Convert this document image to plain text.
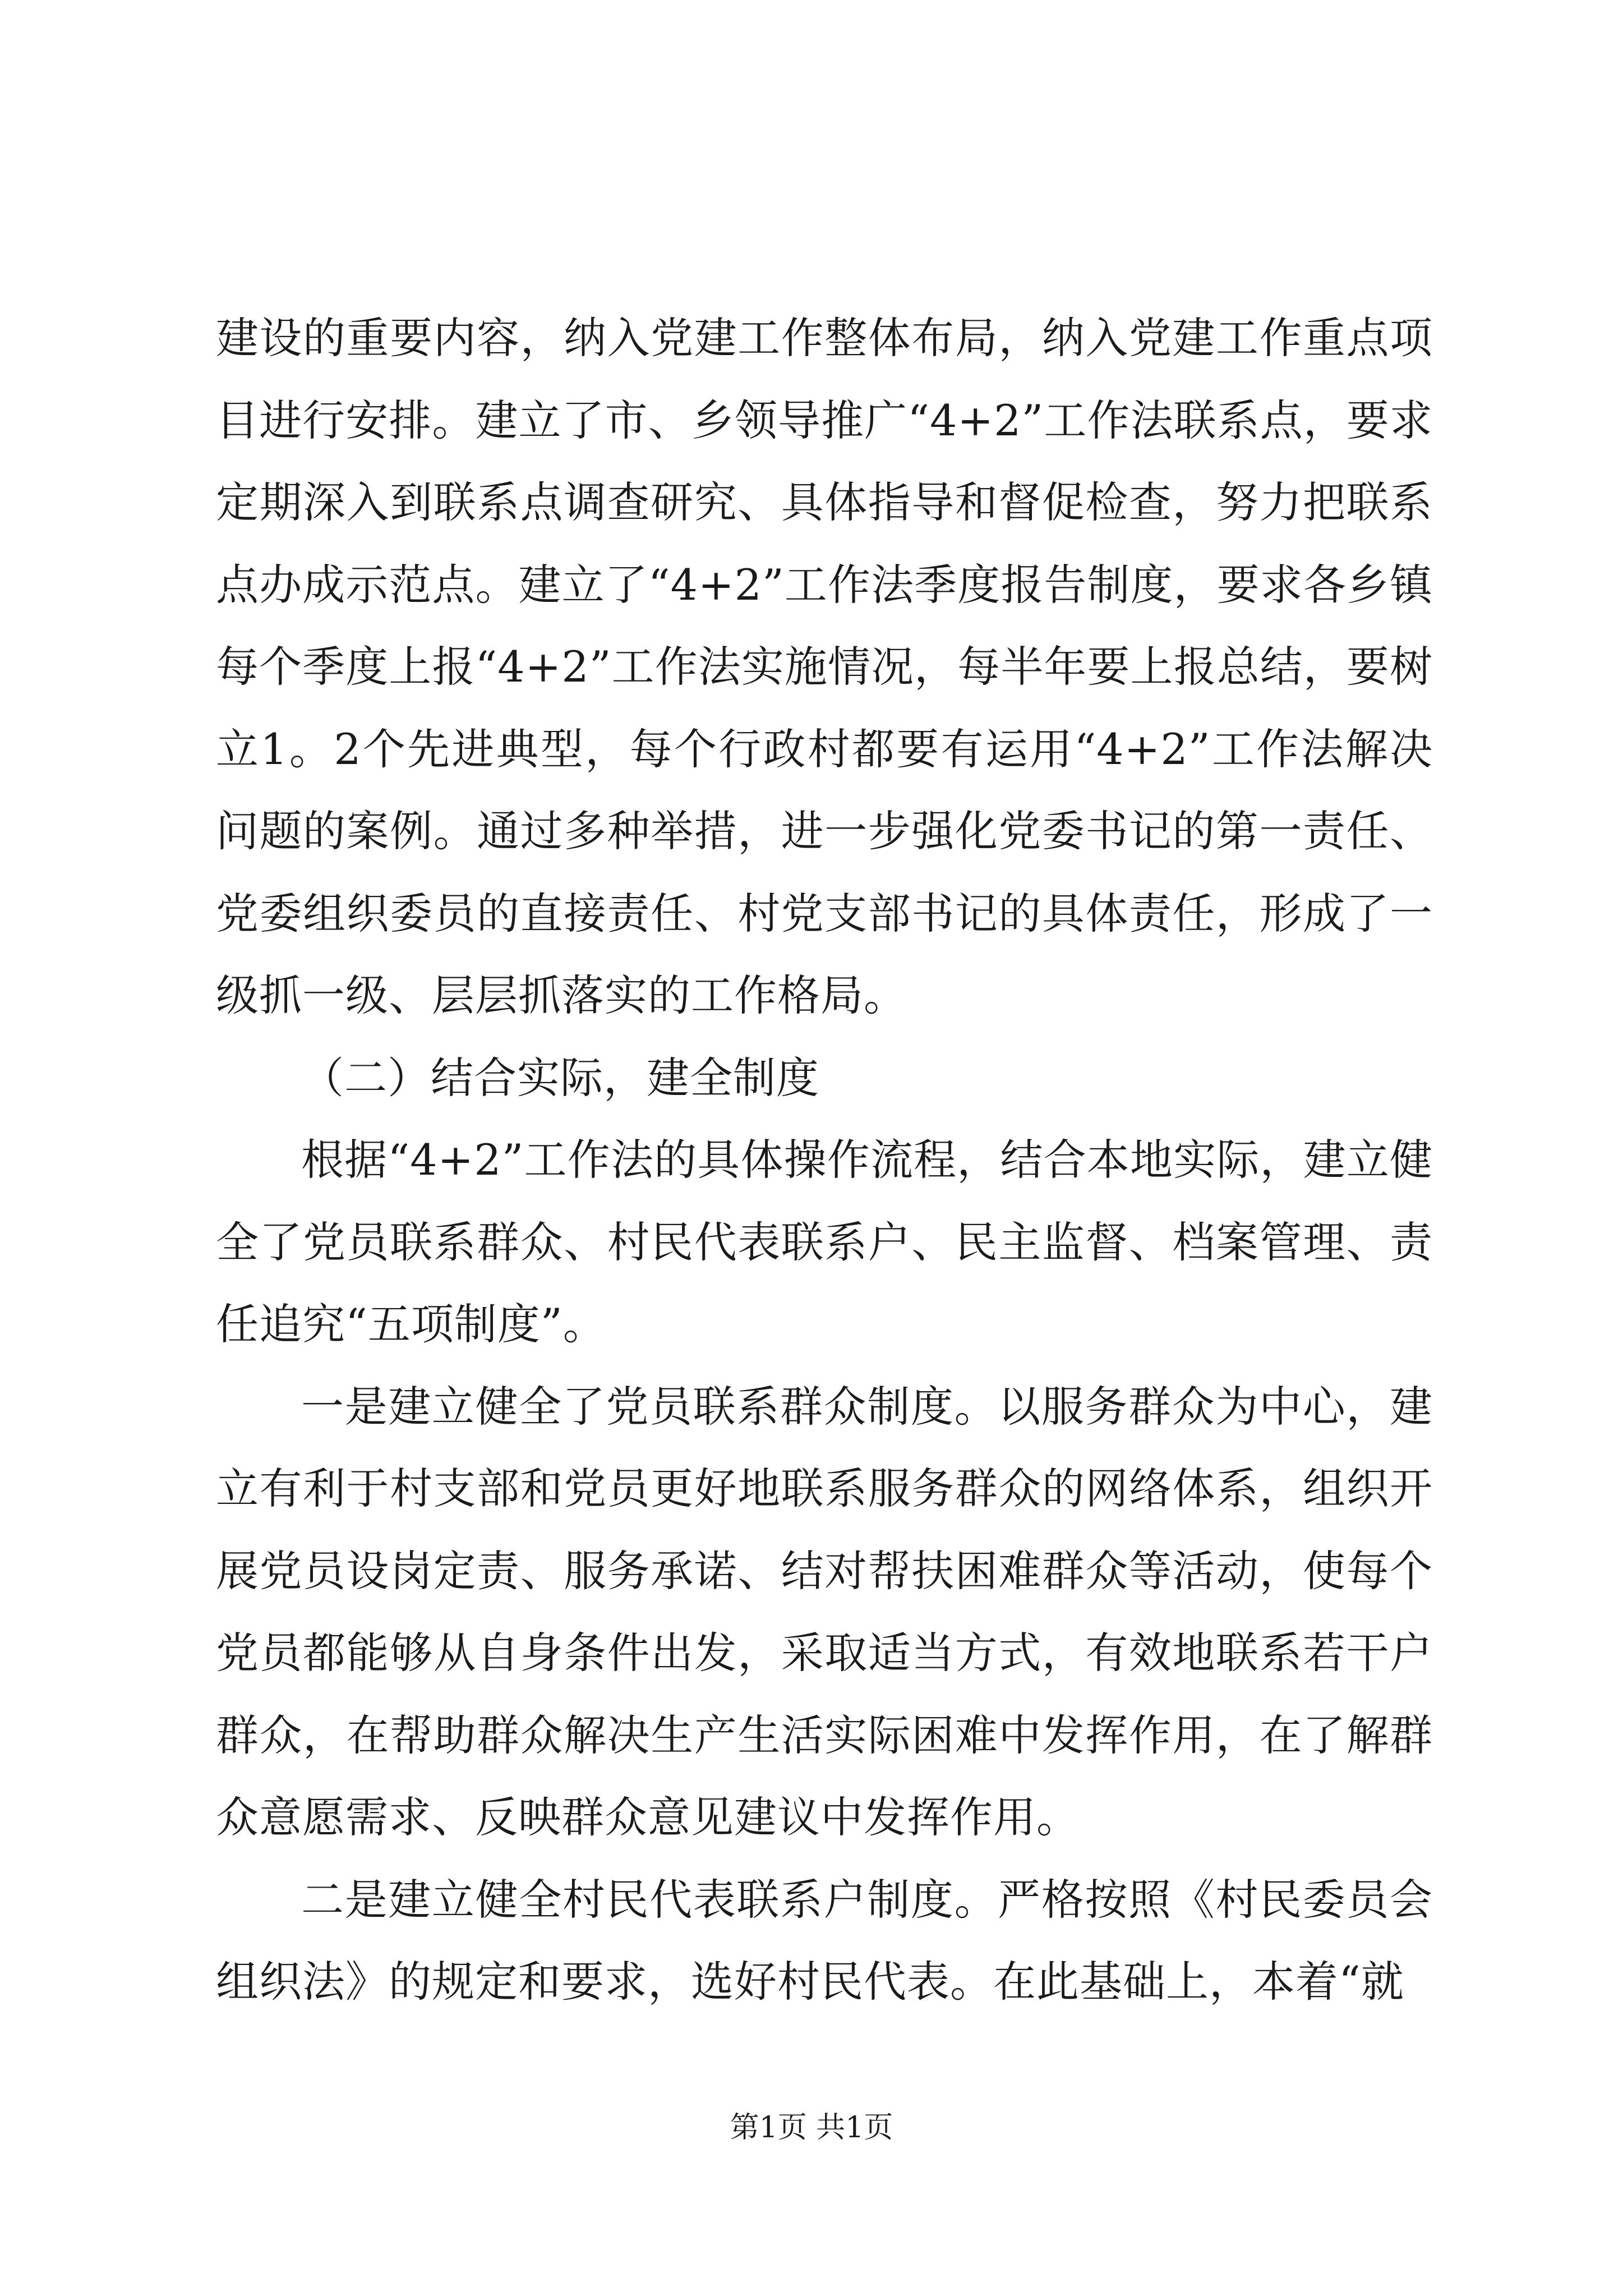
建设的重要内容，纳入党建工作整体布局，纳入党建工作重点项目进行安排。建立了市、乡领导推广“4+2”工作法联系点，要求定期深入到联系点调查研究、具体指导和督促检查，努力把联系点办成示范点。建立了“4+2”工作法季度报告制度，要求各乡镇每个季度上报“4+2”工作法实施情况，每半年要上报总结，要树立1。2个先进典型，每个行政村都要有运用“4+2”工作法解决问题的案例。通过多种举措，进一步强化党委书记的第一责任、党委组织委员的直接责任、村党支部书记的具体责任，形成了一级抓一级、层层抓落实的工作格局。

（二）结合实际，建全制度

根据“4+2”工作法的具体操作流程，结合本地实际，建立健全了党员联系群众、村民代表联系户、民主监督、档案管理、责任追究“五项制度”。

一是建立健全了党员联系群众制度。以服务群众为中心，建立有利于村支部和党员更好地联系服务群众的网络体系，组织开展党员设岗定责、服务承诺、结对帮扶困难群众等活动，使每个党员都能够从自身条件出发，采取适当方式，有效地联系若干户群众，在帮助群众解决生产生活实际困难中发挥作用，在了解群众意愿需求、反映群众意见建议中发挥作用。

二是建立健全村民代表联系户制度。严格按照《村民委员会组织法》的规定和要求，选好村民代表。在此基础上，本着“就

第1页 共1页
